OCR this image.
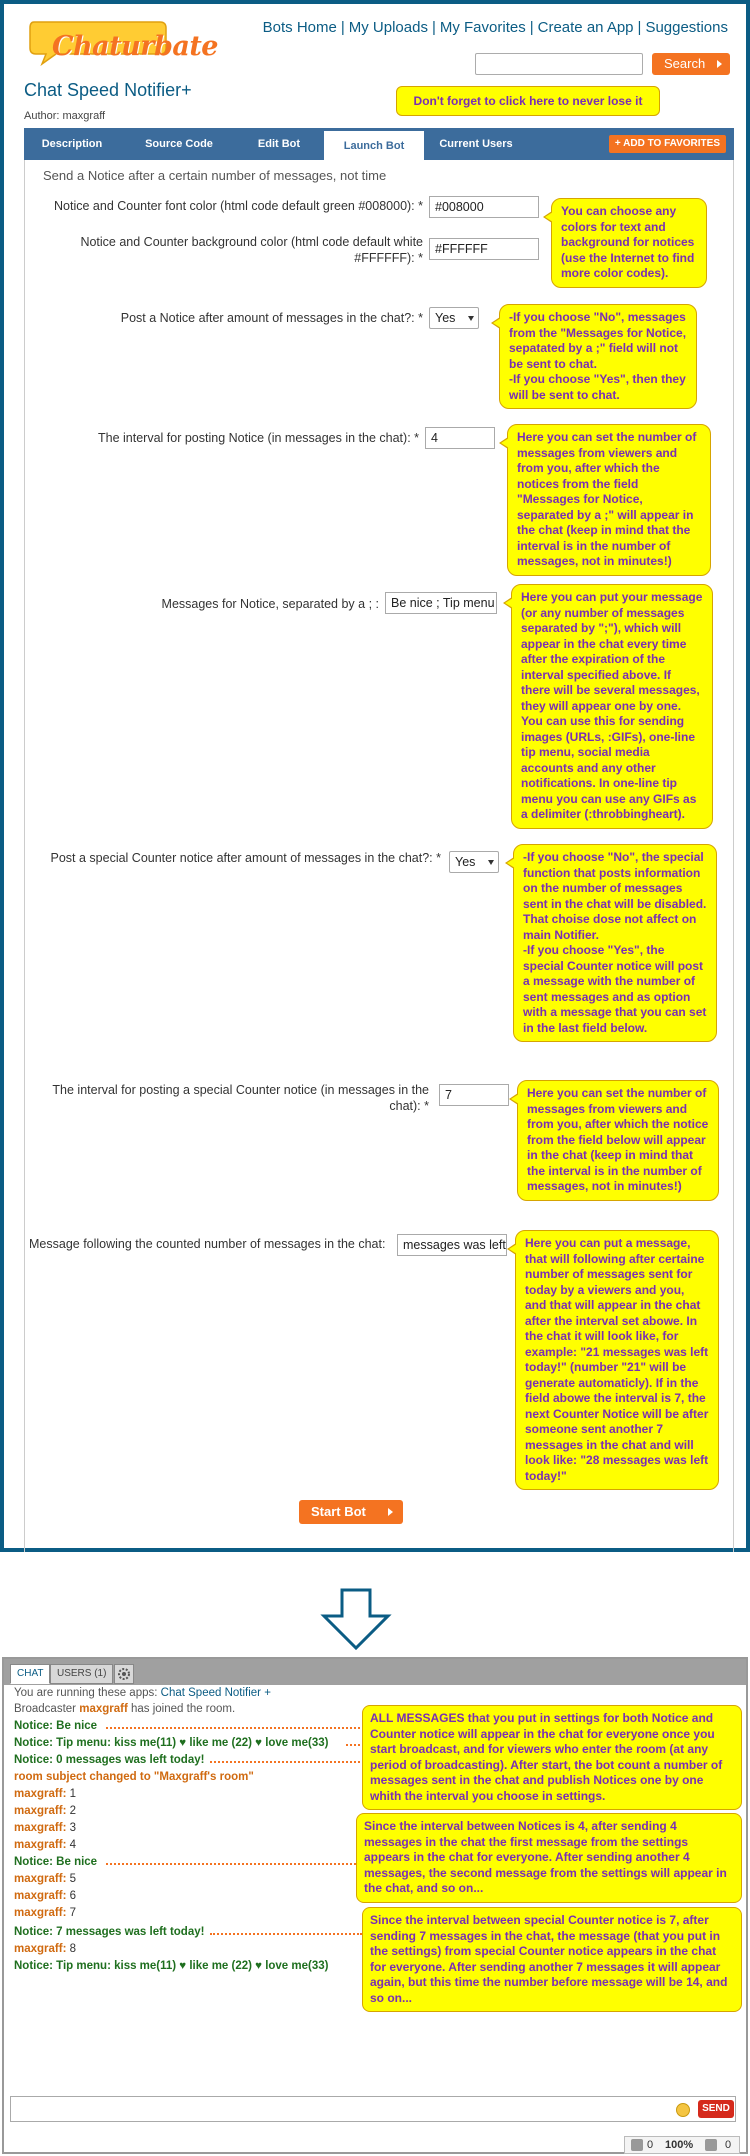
Chaturbate
Bots Home | My Uploads | My Favorites | Create an App | Suggestions
Search
Chat Speed Notifier+
Author: maxgraff
Don't forget to click here to never lose it
Description	Source Code	Edit Bot	Launch Bot	Current Users	+ ADD TO FAVORITES
Send a Notice after a certain number of messages, not time
Notice and Counter font color (html code default green #008000): * #008000
Notice and Counter background color (html code default white #FFFFFF): *
#FFFFFF
You can choose any colors for text and background for notices (use the Internet to find more color codes).
Post a Notice after amount of messages in the chat?: * Yes	-If you choose "No", messages from the "Messages for Notice, sepatated by a ;" field will not be sent to chat.
-If you choose "Yes", then they will be sent to chat.
The interval for posting Notice (in messages in the chat): * 4	Here you can set the number of messages from viewers and from you, after which the notices from the field "Messages for Notice, separated by a ;" will appear in the chat (keep in mind that the interval is in the number of messages, not in minutes!)
Messages for Notice, separated by a ; : Be nice ; Tip menu	Here you can put your message (or any number of messages separated by ";"), which will appear in the chat every time after the expiration of the interval specified above. If there will be several messages, they will appear one by one. You can use this for sending images (URLs, :GIFs), one-line tip menu, social media accounts and any other notifications. In one-line tip menu you can use any GIFs as a delimiter (:throbbingheart).
Post a special Counter notice after amount of messages in the chat?: *	Yes	-If you choose "No", the special function that posts information on the number of messages sent in the chat will be disabled. That choise dose not affect on main Notifier.
-If you choose "Yes", the special Counter notice will post a message with the number of sent messages and as option with a message that you can set in the last field below.
The interval for posting a special Counter notice (in messages in the chat): *
7	Here you can set the number of messages from viewers and from you, after which the notice from the field below will appear in the chat (keep in mind that the interval is in the number of messages, not in minutes!)
Message following the counted number of messages in the chat:	messages was left	Here you can put a message, that will following after certaine number of messages sent for today by a viewers and you, and that will appear in the chat after the interval set abowe. In the chat it will look like, for example: "21 messages was left today!" (number "21" will be generate automaticly). If in the field abowe the interval is 7, the next Counter Notice will be after someone sent another 7 messages in the chat and will look like: "28 messages was left today!"
Start Bot
CHAT	USERS (1)
You are running these apps: Chat Speed Notifier +
Broadcaster maxgraff has joined the room.
Notice: Be nice
Notice: Tip menu: kiss me(11) ♥ like me (22) ♥ love me(33)
Notice: 0 messages was left today!
room subject changed to "Maxgraff's room"
maxgraff: 1
maxgraff: 2
maxgraff: 3
maxgraff: 4
Notice: Be nice
maxgraff: 5
maxgraff: 6
maxgraff: 7
Notice: 7 messages was left today!
maxgraff: 8
Notice: Tip menu: kiss me(11) ♥ like me (22) ♥ love me(33)
ALL MESSAGES that you put in settings for both Notice and Counter notice will appear in the chat for everyone once you start broadcast, and for viewers who enter the room (at any period of broadcasting). After start, the bot count a number of messages sent in the chat and publish Notices one by one whith the interval you choose in settings.
Since the interval between Notices is 4, after sending 4 messages in the chat the first message from the settings appears in the chat for everyone. After sending another 4 messages, the second message from the settings will appear in the chat, and so on...
Since the interval between special Counter notice is 7, after sending 7 messages in the chat, the message (that you put in the settings) from special Counter notice appears in the chat for everyone. After sending another 7 messages it will appear again, but this time the number before message will be 14, and so on...
SEND
0 100%	0
